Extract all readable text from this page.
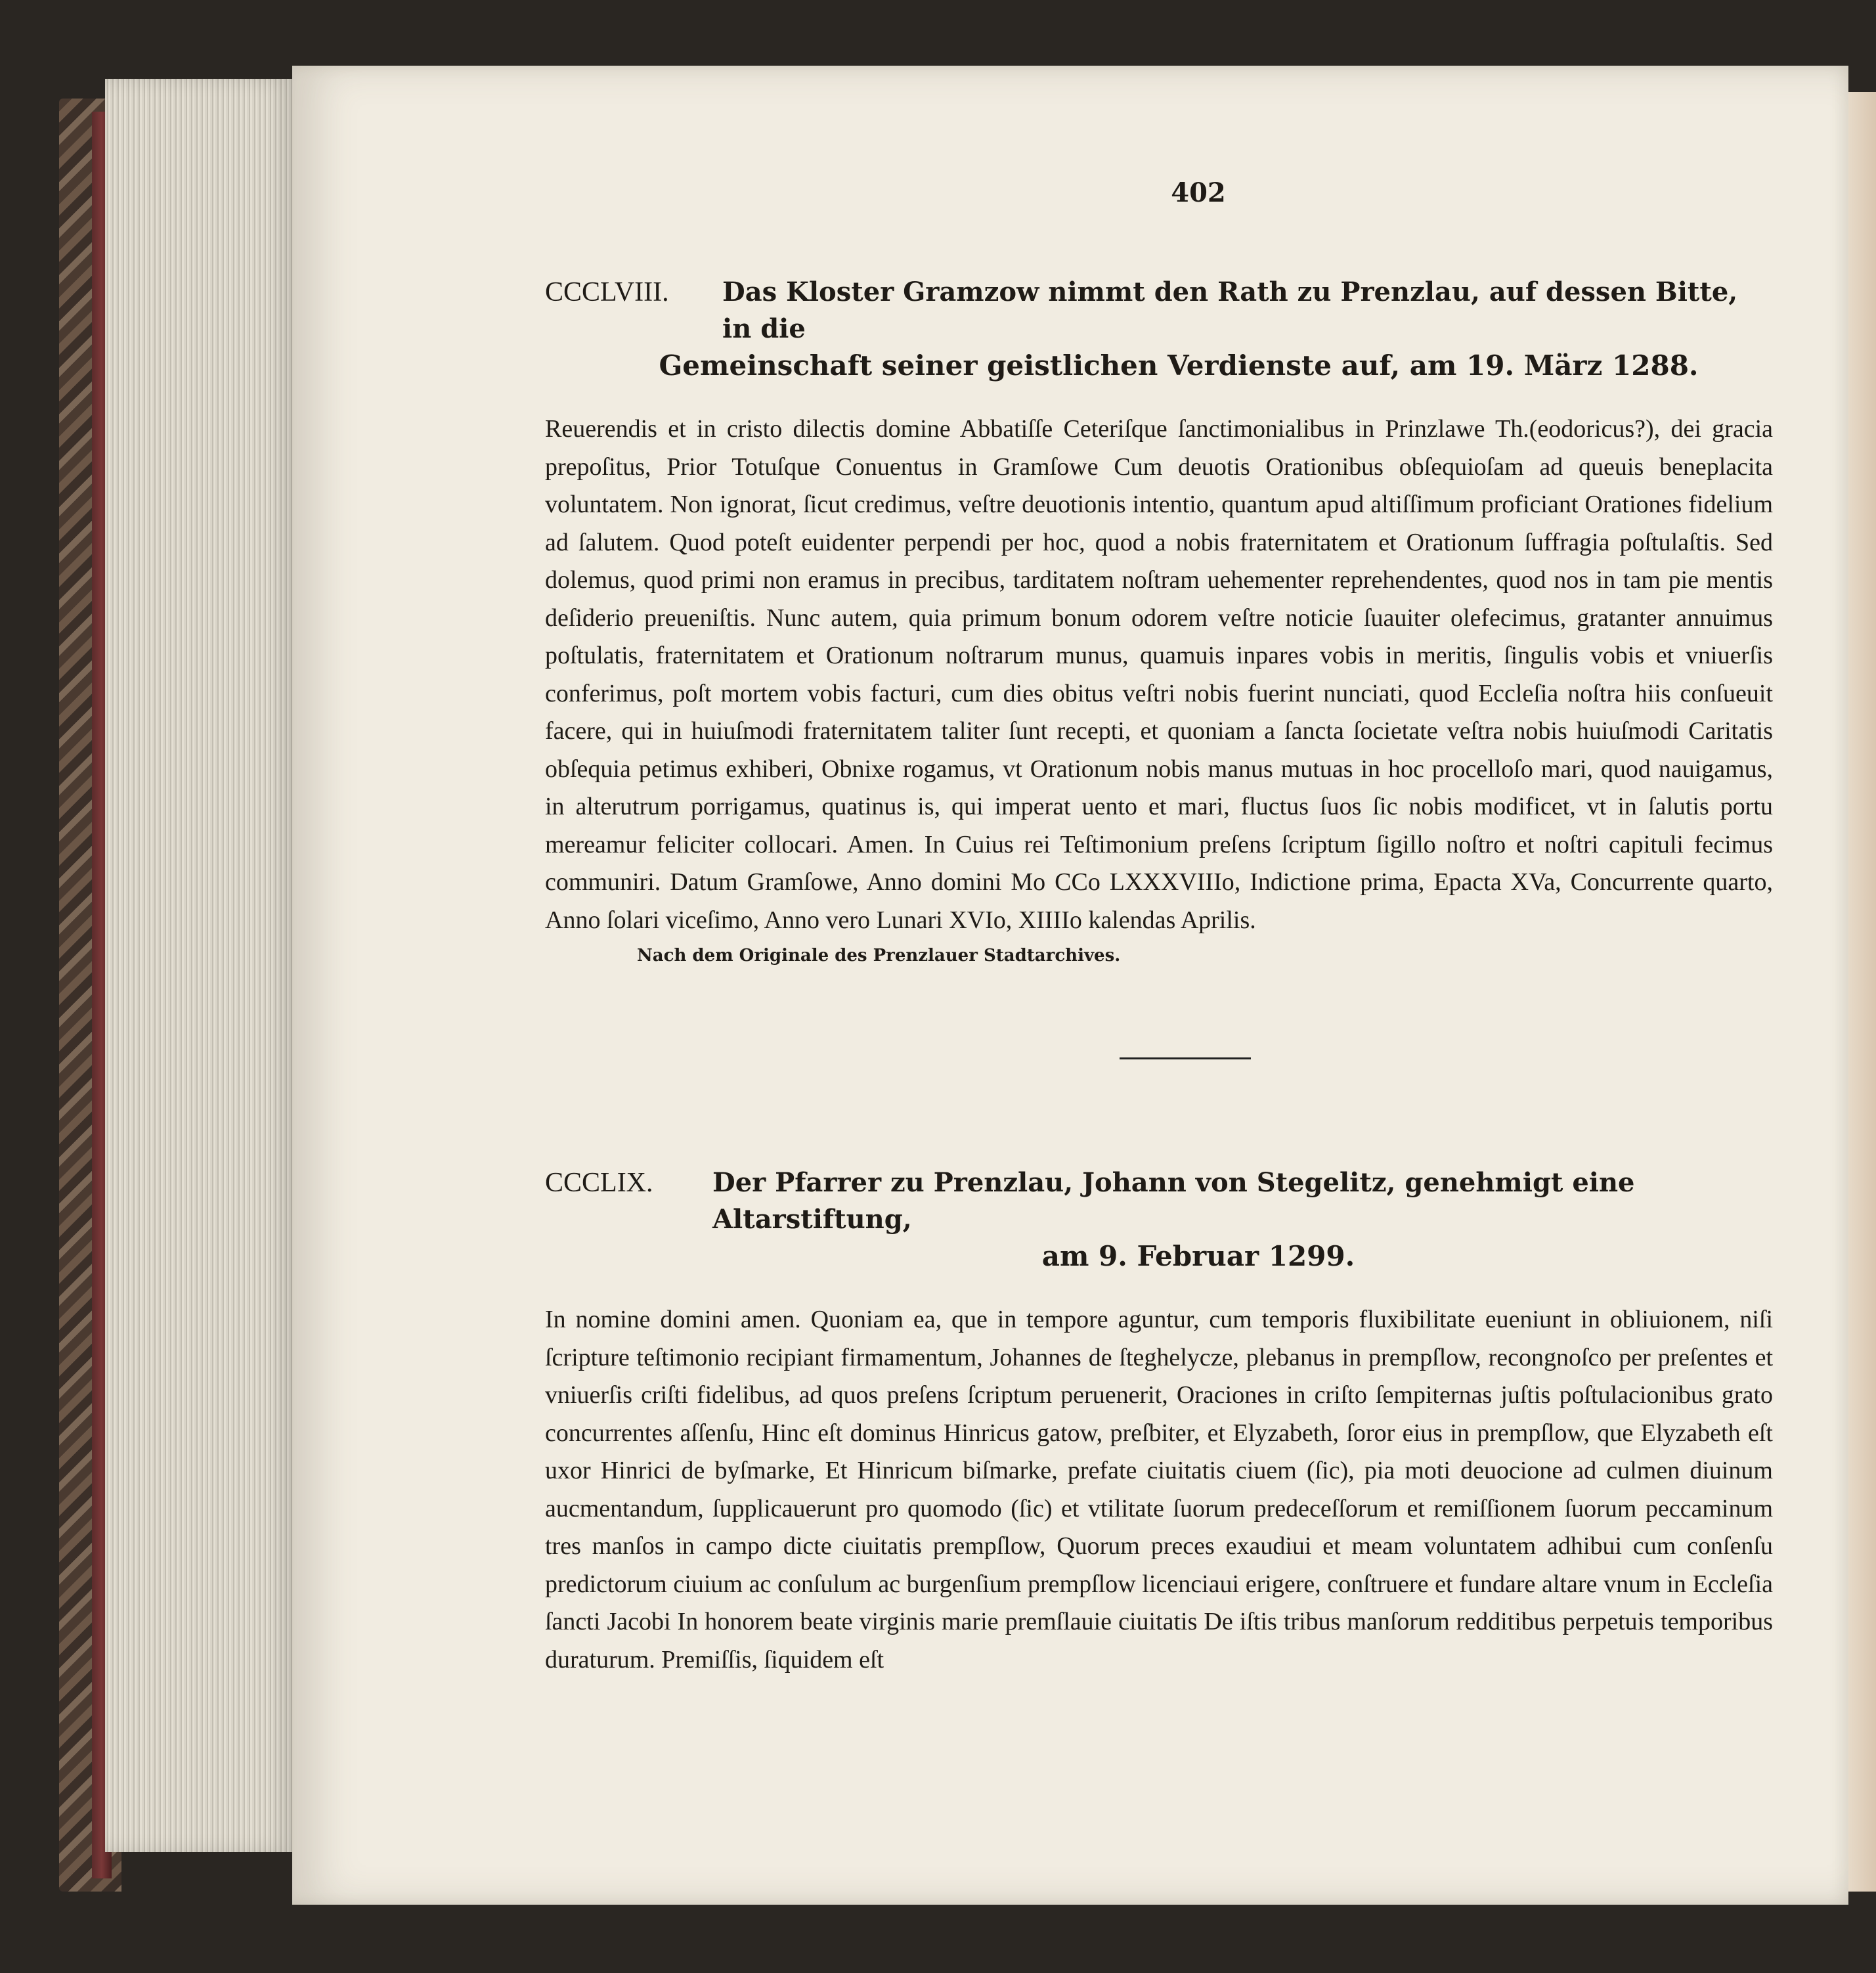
402
CCCLVIII.	Das Kloster Gramzow nimmt den Rath zu Prenzlau, auf dessen Bitte, in die
Gemeinschaft seiner geistlichen Verdienste auf, am 19. März 1288.

Reuerendis et in cristo dilectis domine Abbatiſſe Ceteriſque ſanctimonialibus in Prinzlawe Th.(eodoricus?), dei gracia prepoſitus, Prior Totuſque Conuentus in Gramſowe Cum deuotis Orationibus obſequioſam ad queuis beneplacita voluntatem. Non ignorat, ſicut credimus, veſtre deuotionis intentio, quantum apud altiſſimum proficiant Orationes fidelium ad ſalutem. Quod poteſt euidenter perpendi per hoc, quod a nobis fraternitatem et Orationum ſuffragia poſtulaſtis. Sed dolemus, quod primi non eramus in precibus, tarditatem noſtram uehementer reprehendentes, quod nos in tam pie mentis deſiderio preueniſtis. Nunc autem, quia primum bonum odorem veſtre noticie ſuauiter olefecimus, gratanter annuimus poſtulatis, fraternitatem et Orationum noſtrarum munus, quamuis inpares vobis in meritis, ſingulis vobis et vniuerſis conferimus, poſt mortem vobis facturi, cum dies obitus veſtri nobis fuerint nunciati, quod Eccleſia noſtra hiis conſueuit facere, qui in huiuſmodi fraternitatem taliter ſunt recepti, et quoniam a ſancta ſocietate veſtra nobis huiuſmodi Caritatis obſequia petimus exhiberi, Obnixe rogamus, vt Orationum nobis manus mutuas in hoc procelloſo mari, quod nauigamus, in alterutrum porrigamus, quatinus is, qui imperat uento et mari, fluctus ſuos ſic nobis modificet, vt in ſalutis portu mereamur feliciter collocari. Amen. In Cuius rei Teſtimonium preſens ſcriptum ſigillo noſtro et noſtri capituli fecimus communiri. Datum Gramſowe, Anno domini Mo CCo LXXXVIIIo, Indictione prima, Epacta XVa, Concurrente quarto, Anno ſolari viceſimo, Anno vero Lunari XVIo, XIIIIo kalendas Aprilis.

Nach dem Originale des Prenzlauer Stadtarchives.
CCCLIX.	Der Pfarrer zu Prenzlau, Johann von Stegelitz, genehmigt eine Altarstiftung,
am 9. Februar 1299.

In nomine domini amen. Quoniam ea, que in tempore aguntur, cum temporis fluxibilitate eueniunt in obliuionem, niſi ſcripture teſtimonio recipiant firmamentum, Johannes de ſteghelycze, plebanus in prempſlow, recongnoſco per preſentes et vniuerſis criſti fidelibus, ad quos preſens ſcriptum peruenerit, Oraciones in criſto ſempiternas juſtis poſtulacionibus grato concurrentes aſſenſu, Hinc eſt dominus Hinricus gatow, preſbiter, et Elyzabeth, ſoror eius in prempſlow, que Elyzabeth eſt uxor Hinrici de byſmarke, Et Hinricum biſmarke, prefate ciuitatis ciuem (ſic), pia moti deuocione ad culmen diuinum aucmentandum, ſupplicauerunt pro quomodo (ſic) et vtilitate ſuorum predeceſſorum et remiſſionem ſuorum peccaminum tres manſos in campo dicte ciuitatis prempſlow, Quorum preces exaudiui et meam voluntatem adhibui cum conſenſu predictorum ciuium ac conſulum ac burgenſium prempſlow licenciaui erigere, conſtruere et fundare altare vnum in Eccleſia ſancti Jacobi In honorem beate virginis marie premſlauie ciuitatis De iſtis tribus manſorum redditibus perpetuis temporibus duraturum. Premiſſis, ſiquidem eſt
